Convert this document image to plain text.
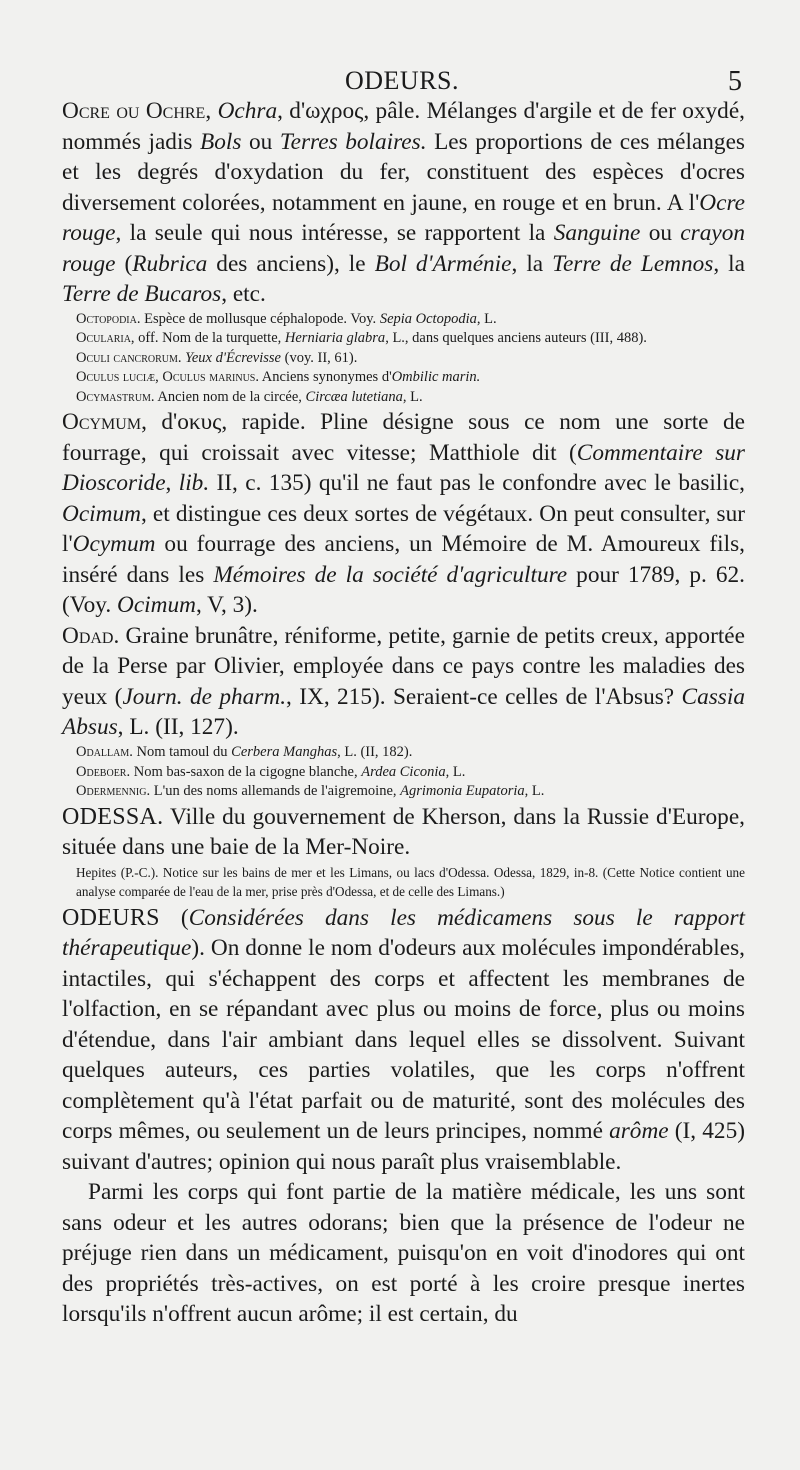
ODEURS.	5

Ocre ou Ochre, Ochra, d'ωχρος, pâle. Mélanges d'argile et de fer oxydé, nommés jadis Bols ou Terres bolaires. Les proportions de ces mélanges et les degrés d'oxydation du fer, constituent des espèces d'ocres diversement colorées, notamment en jaune, en rouge et en brun. A l'Ocre rouge, la seule qui nous intéresse, se rapportent la Sanguine ou crayon rouge (Rubrica des anciens), le Bol d'Arménie, la Terre de Lemnos, la Terre de Bucaros, etc.

Octopodia. Espèce de mollusque céphalopode. Voy. Sepia Octopodia, L.

Ocularia, off. Nom de la turquette, Herniaria glabra, L., dans quelques anciens auteurs (III, 488).

Oculi cancrorum. Yeux d'Écrevisse (voy. II, 61).

Oculus luciæ, Oculus marinus. Anciens synonymes d'Ombilic marin.

Ocymastrum. Ancien nom de la circée, Circæa lutetiana, L.

Ocymum, d'οκυς, rapide. Pline désigne sous ce nom une sorte de fourrage, qui croissait avec vitesse; Matthiole dit (Commentaire sur Dioscoride, lib. II, c. 135) qu'il ne faut pas le confondre avec le basilic, Ocimum, et distingue ces deux sortes de végétaux. On peut consulter, sur l'Ocymum ou fourrage des anciens, un Mémoire de M. Amoureux fils, inséré dans les Mémoires de la société d'agriculture pour 1789, p. 62. (Voy. Ocimum, V, 3).

Odad. Graine brunâtre, réniforme, petite, garnie de petits creux, apportée de la Perse par Olivier, employée dans ce pays contre les maladies des yeux (Journ. de pharm., IX, 215). Seraient-ce celles de l'Absus? Cassia Absus, L. (II, 127).

Odallam. Nom tamoul du Cerbera Manghas, L. (II, 182).

Odeboer. Nom bas-saxon de la cigogne blanche, Ardea Ciconia, L.

Odermennig. L'un des noms allemands de l'aigremoine, Agrimonia Eupatoria, L.

ODESSA. Ville du gouvernement de Kherson, dans la Russie d'Europe, située dans une baie de la Mer-Noire.

Hepites (P.-C.). Notice sur les bains de mer et les Limans, ou lacs d'Odessa. Odessa, 1829, in-8. (Cette Notice contient une analyse comparée de l'eau de la mer, prise près d'Odessa, et de celle des Limans.)

ODEURS (Considérées dans les médicamens sous le rapport thérapeutique). On donne le nom d'odeurs aux molécules impondérables, intactiles, qui s'échappent des corps et affectent les membranes de l'olfaction, en se répandant avec plus ou moins de force, plus ou moins d'étendue, dans l'air ambiant dans lequel elles se dissolvent. Suivant quelques auteurs, ces parties volatiles, que les corps n'offrent complètement qu'à l'état parfait ou de maturité, sont des molécules des corps mêmes, ou seulement un de leurs principes, nommé arôme (I, 425) suivant d'autres; opinion qui nous paraît plus vraisemblable.

Parmi les corps qui font partie de la matière médicale, les uns sont sans odeur et les autres odorans; bien que la présence de l'odeur ne préjuge rien dans un médicament, puisqu'on en voit d'inodores qui ont des propriétés très-actives, on est porté à les croire presque inertes lorsqu'ils n'offrent aucun arôme; il est certain, du
